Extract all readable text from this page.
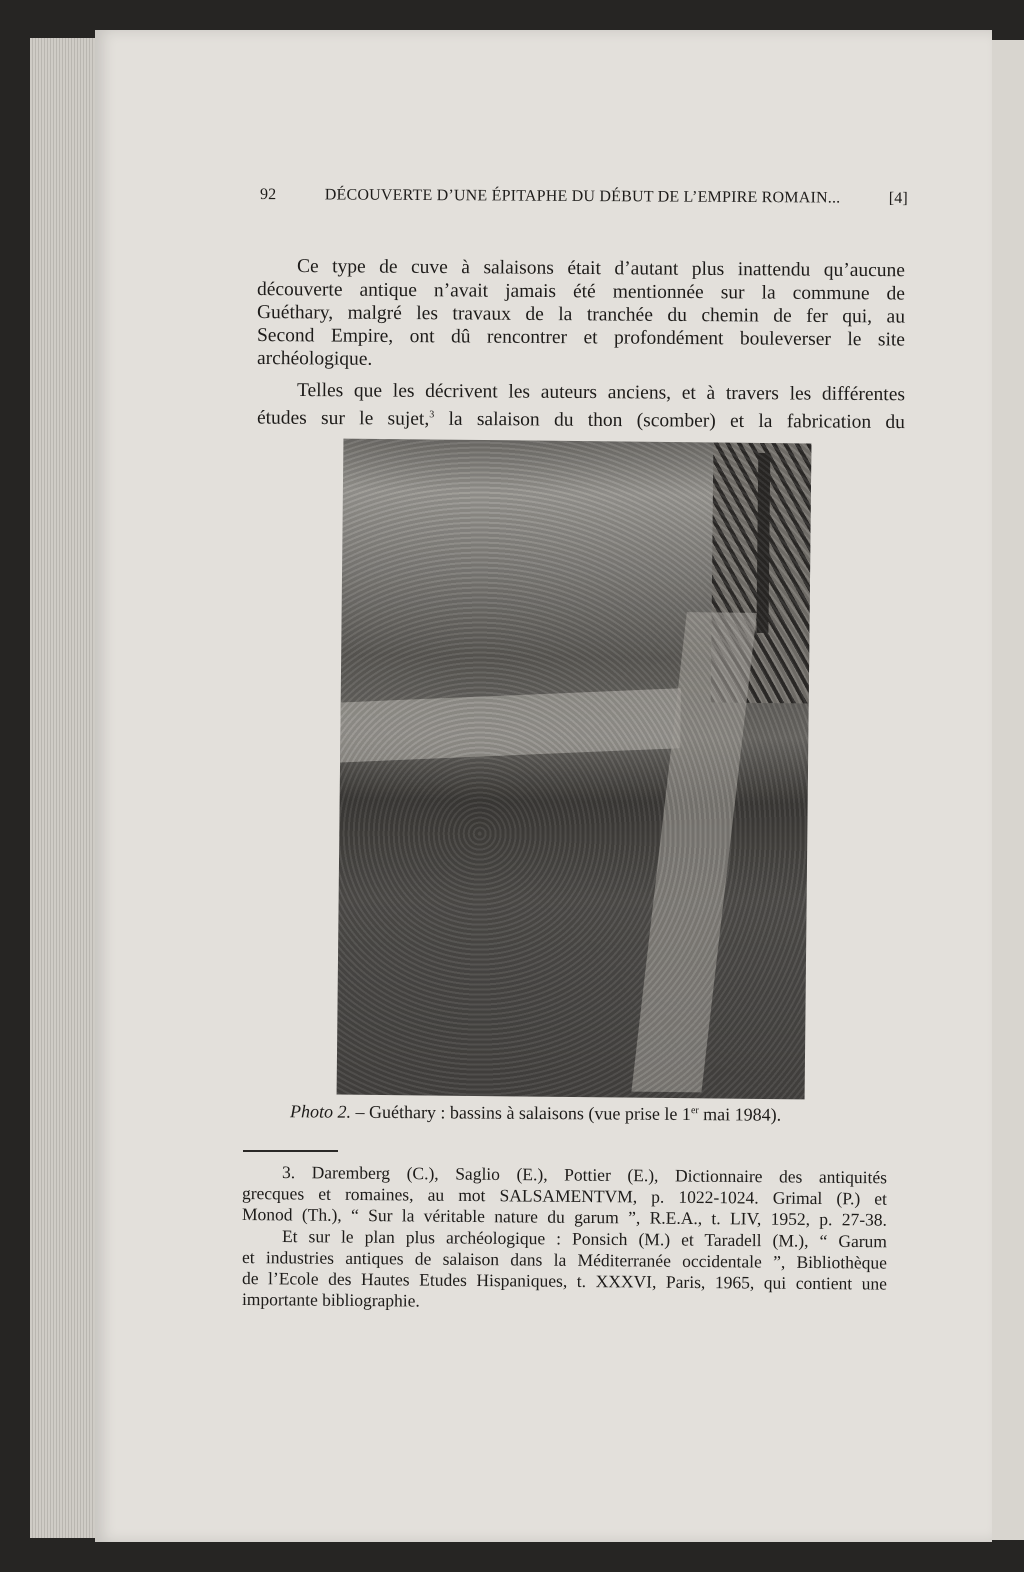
92	DÉCOUVERTE D’UNE ÉPITAPHE DU DÉBUT DE L’EMPIRE ROMAIN...	[4]
Ce type de cuve à salaisons était d’autant plus inattendu qu’aucune
découverte antique n’avait jamais été mentionnée sur la commune de
Guéthary, malgré les travaux de la tranchée du chemin de fer qui, au
Second Empire, ont dû rencontrer et profondément bouleverser le site
archéologique.
Telles que les décrivent les auteurs anciens, et à travers les différentes
études sur le sujet,$^3$ la salaison du thon (scomber) et la fabrication du
Photo 2. – Guéthary : bassins à salaisons (vue prise le 1er mai 1984).
3. Daremberg (C.), Saglio (E.), Pottier (E.), Dictionnaire des antiquités
grecques et romaines, au mot SALSAMENTVM, p. 1022-1024. Grimal (P.) et
Monod (Th.), “ Sur la véritable nature du garum ”, R.E.A., t. LIV, 1952, p. 27-38.
Et sur le plan plus archéologique : Ponsich (M.) et Taradell (M.), “ Garum
et industries antiques de salaison dans la Méditerranée occidentale ”, Bibliothèque
de l’Ecole des Hautes Etudes Hispaniques, t. XXXVI, Paris, 1965, qui contient une
importante bibliographie.
